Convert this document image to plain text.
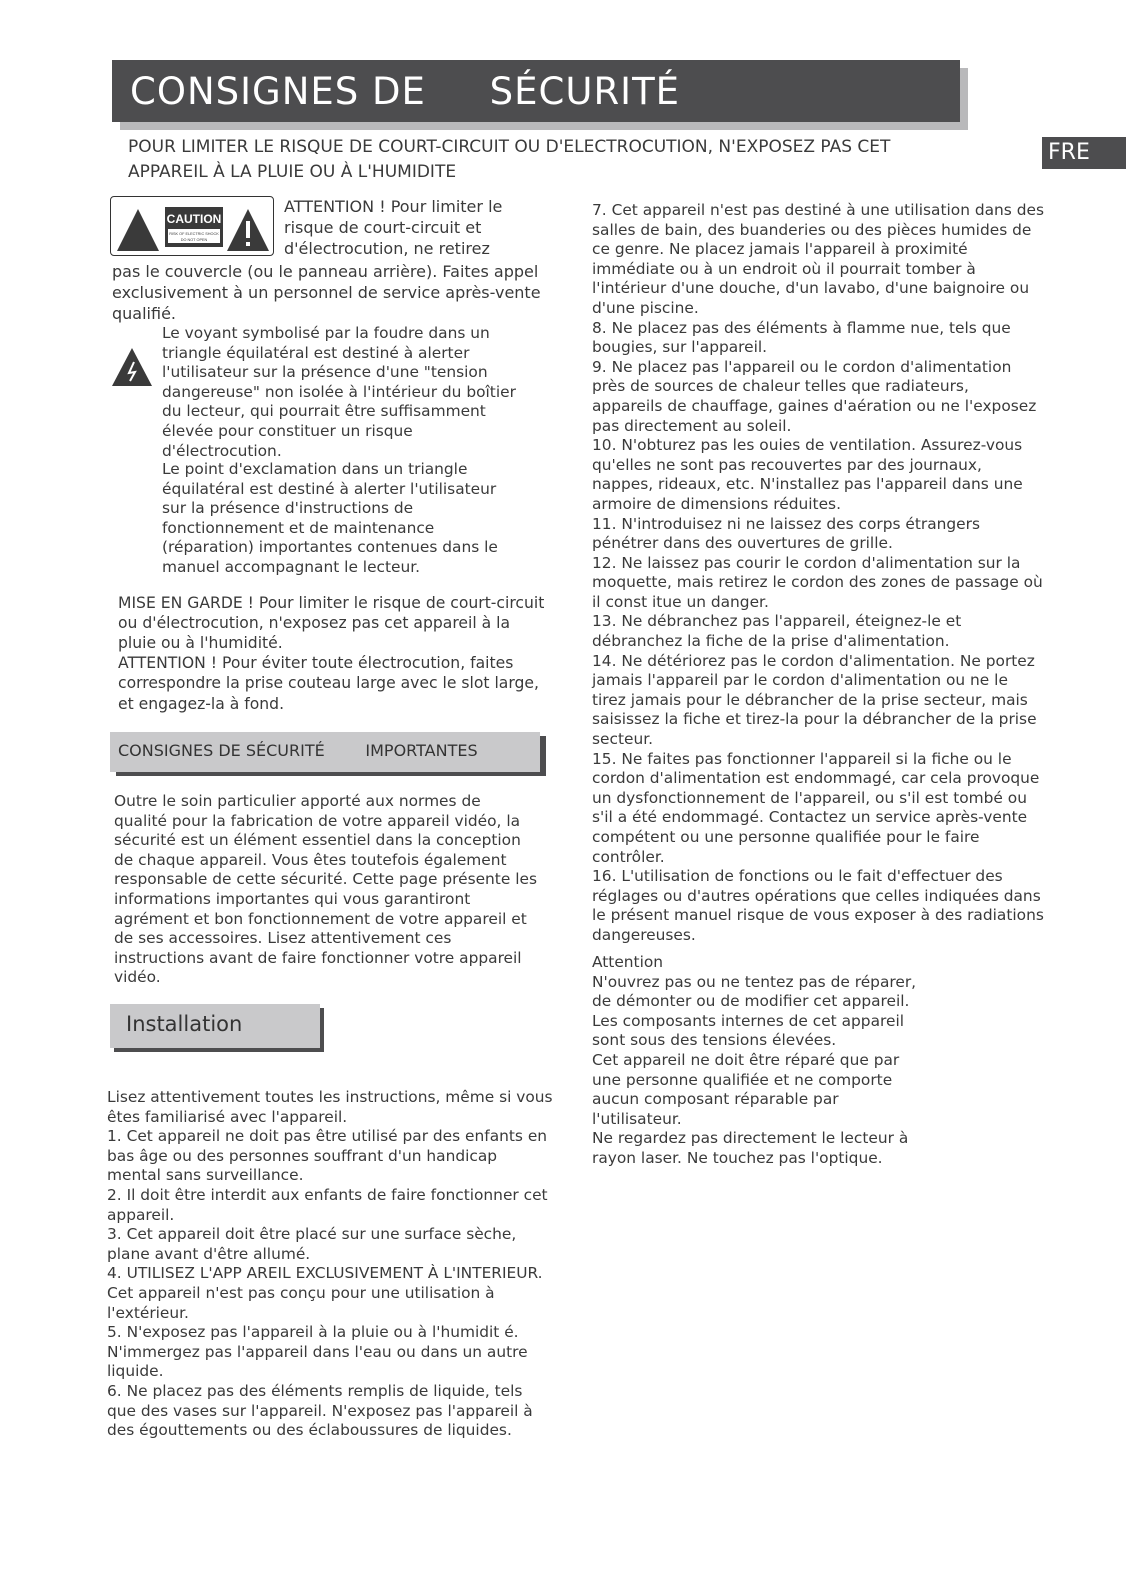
CONSIGNES DE     SÉCURITÉ

POUR LIMITER LE RISQUE DE COURT-CIRCUIT OU D'ELECTROCUTION, N'EXPOSEZ PAS CET APPAREIL À LA PLUIE OU À L'HUMIDITE

FRE
CAUTION
RISK OF ELECTRIC SHOCK
DO NOT OPEN

ATTENTION ! Pour limiter le risque de court-circuit et d'électrocution, ne retirez

pas le couvercle (ou le panneau arrière). Faites appel exclusivement à un personnel de service après-vente qualifié.

Le voyant symbolisé par la foudre dans un triangle équilatéral est destiné à alerter l'utilisateur sur la présence d'une "tension dangereuse" non isolée à l'intérieur du boîtier du lecteur, qui pourrait être suffisamment élevée pour constituer un risque d'électrocution.

Le point d'exclamation dans un triangle équilatéral est destiné à alerter l'utilisateur sur la présence d'instructions de fonctionnement et de maintenance (réparation) importantes contenues dans le manuel accompagnant le lecteur.

MISE EN GARDE ! Pour limiter le risque de court-circuit ou d'électrocution, n'exposez pas cet appareil à la pluie ou à l'humidité.

ATTENTION ! Pour éviter toute électrocution, faites correspondre la prise couteau large avec le slot large, et engagez-la à fond.

CONSIGNES DE SÉCURITÉ        IMPORTANTES

Outre le soin particulier apporté aux normes de qualité pour la fabrication de votre appareil vidéo, la sécurité est un élément essentiel dans la conception de chaque appareil. Vous êtes toutefois également responsable de cette sécurité. Cette page présente les informations importantes qui vous garantiront agrément et bon fonctionnement de votre appareil et de ses accessoires. Lisez attentivement ces instructions avant de faire fonctionner votre appareil vidéo.

Installation

Lisez attentivement toutes les instructions, même si vous êtes familiarisé avec l'appareil.

1. Cet appareil ne doit pas être utilisé par des enfants en bas âge ou des personnes souffrant d'un handicap mental sans surveillance.

2. Il doit être interdit aux enfants de faire fonctionner cet appareil.

3. Cet appareil doit être placé sur une surface sèche, plane avant d'être allumé.

4. UTILISEZ L'APP AREIL EXCLUSIVEMENT À L'INTERIEUR. Cet appareil n'est pas conçu pour une utilisation à l'extérieur.

5. N'exposez pas l'appareil à la pluie ou à l'humidit é. N'immergez pas l'appareil dans l'eau ou dans un autre liquide.

6. Ne placez pas des éléments remplis de liquide, tels que des vases sur l'appareil. N'exposez pas l'appareil à des égouttements ou des éclaboussures de liquides.

7. Cet appareil n'est pas destiné à une utilisation dans des salles de bain, des buanderies ou des pièces humides de ce genre. Ne placez jamais l'appareil à proximité immédiate ou à un endroit où il pourrait tomber à l'intérieur d'une douche, d'un lavabo, d'une baignoire ou d'une piscine.

8. Ne placez pas des éléments à flamme nue, tels que bougies, sur l'appareil.

9. Ne placez pas l'appareil ou le cordon d'alimentation près de sources de chaleur telles que radiateurs, appareils de chauffage, gaines d'aération ou ne l'exposez pas directement au soleil.

10. N'obturez pas les ouies de ventilation. Assurez-vous qu'elles ne sont pas recouvertes par des journaux, nappes, rideaux, etc. N'installez pas l'appareil dans une armoire de dimensions réduites.

11. N'introduisez ni ne laissez des corps étrangers pénétrer dans des ouvertures de grille.

12. Ne laissez pas courir le cordon d'alimentation sur la moquette, mais retirez le cordon des zones de passage où il const itue un danger.

13. Ne débranchez pas l'appareil, éteignez-le et débranchez la fiche de la prise d'alimentation.

14. Ne détériorez pas le cordon d'alimentation. Ne portez jamais l'appareil par le cordon d'alimentation ou ne le tirez jamais pour le débrancher de la prise secteur, mais saisissez la fiche et tirez-la pour la débrancher de la prise secteur.

15. Ne faites pas fonctionner l'appareil si la fiche ou le cordon d'alimentation est endommagé, car cela provoque un dysfonctionnement de l'appareil, ou s'il est tombé ou s'il a été endommagé. Contactez un service après-vente compétent ou une personne qualifiée pour le faire contrôler.

16. L'utilisation de fonctions ou le fait d'effectuer des réglages ou d'autres opérations que celles indiquées dans le présent manuel risque de vous exposer à des radiations dangereuses.

Attention

N'ouvrez pas ou ne tentez pas de réparer, de démonter ou de modifier cet appareil.

Les composants internes de cet appareil sont sous des tensions élevées.

Cet appareil ne doit être réparé que par une personne qualifiée et ne comporte aucun composant réparable par l'utilisateur.

Ne regardez pas directement le lecteur à rayon laser. Ne touchez pas l'optique.
